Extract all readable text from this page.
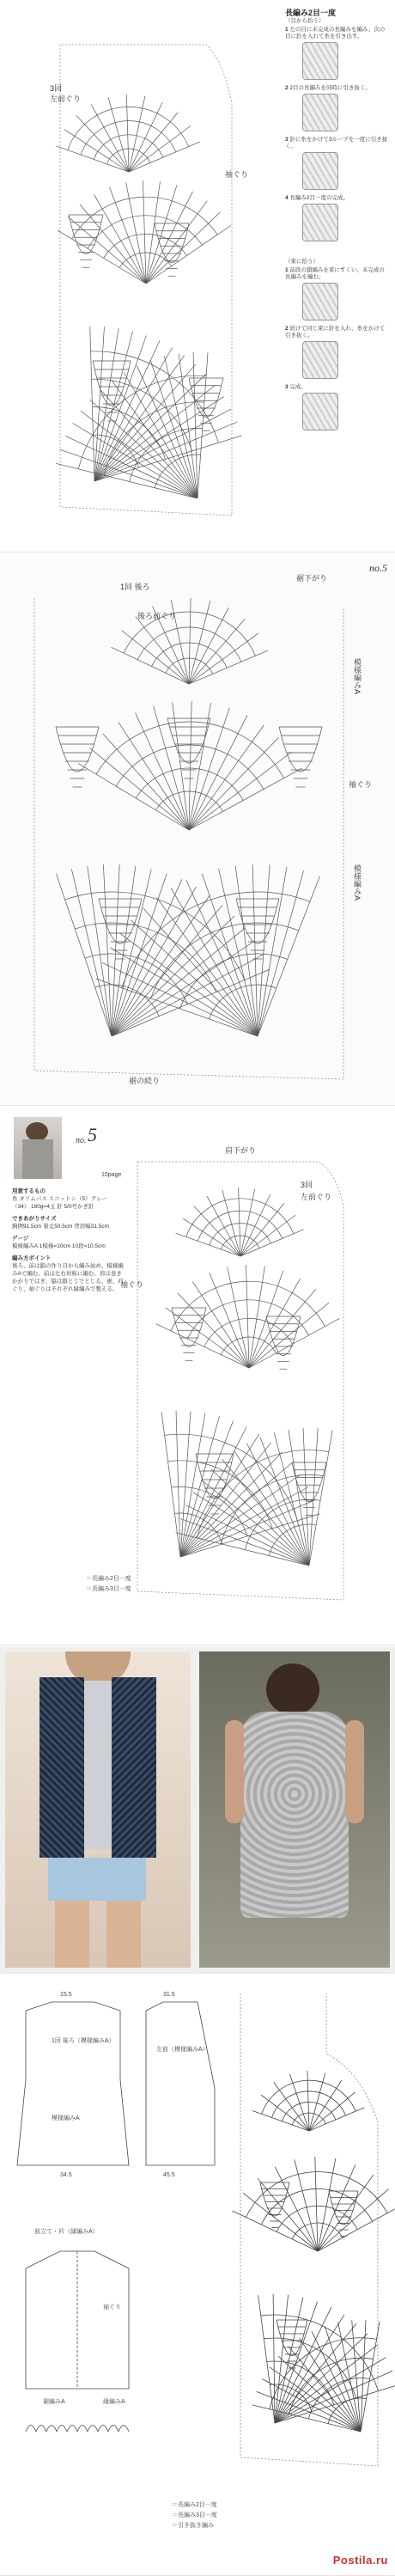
3回
左前ぐり
袖ぐり
長編み2目一度
（目から拾う）
1 左の目に未完成の長編みを編み、次の目に針を入れて糸を引き出す。
2 2目の長編みを同時に引き抜く。
3 針に糸をかけて3ループを一度に引き抜く。
4 長編み2目一度の完成。
（束に拾う）
1 前段の鎖編みを束にすくい、未完成の長編みを編む。
2 続けて同じ束に針を入れ、糸をかけて引き抜く。
3 完成。
1回 後ろ
後ろ前ぐり
裾下がり
模様編みA
袖ぐり
模様編みA
裾の続り
no.5
no. 5
10page

用意するもの
糸 オリムパス スコットン（5）グレー（34） 160g=4玉 針 5/0号かぎ針

できあがりサイズ
胸囲91.5cm 着丈50.5cm 背肩幅31.5cm

ゲージ
模様編みA 1模様=10cm 10段=10.5cm

編み方ポイント
後ろ、前は鎖の作り目から編み始め、模様編みAで編む。前は左右対称に編む。肩は巻きかがりではぎ、脇は鎖とじでとじる。裾、衿ぐり、袖ぐりはそれぞれ縁編みで整える。

肩下がり
3回
左前ぐり
袖ぐり
＝長編み2目一度
＝長編み3目一度
1回 後ろ（模様編みA）
左前（模様編みA）
模様編みA
前立て・衿（縁編みA）
袖ぐり
裾編みA	縁編みA
15.5
34.5
31.5
45.5
＝長編み2目一度
＝長編み3目一度
＝引き抜き編み
Postila.ru
